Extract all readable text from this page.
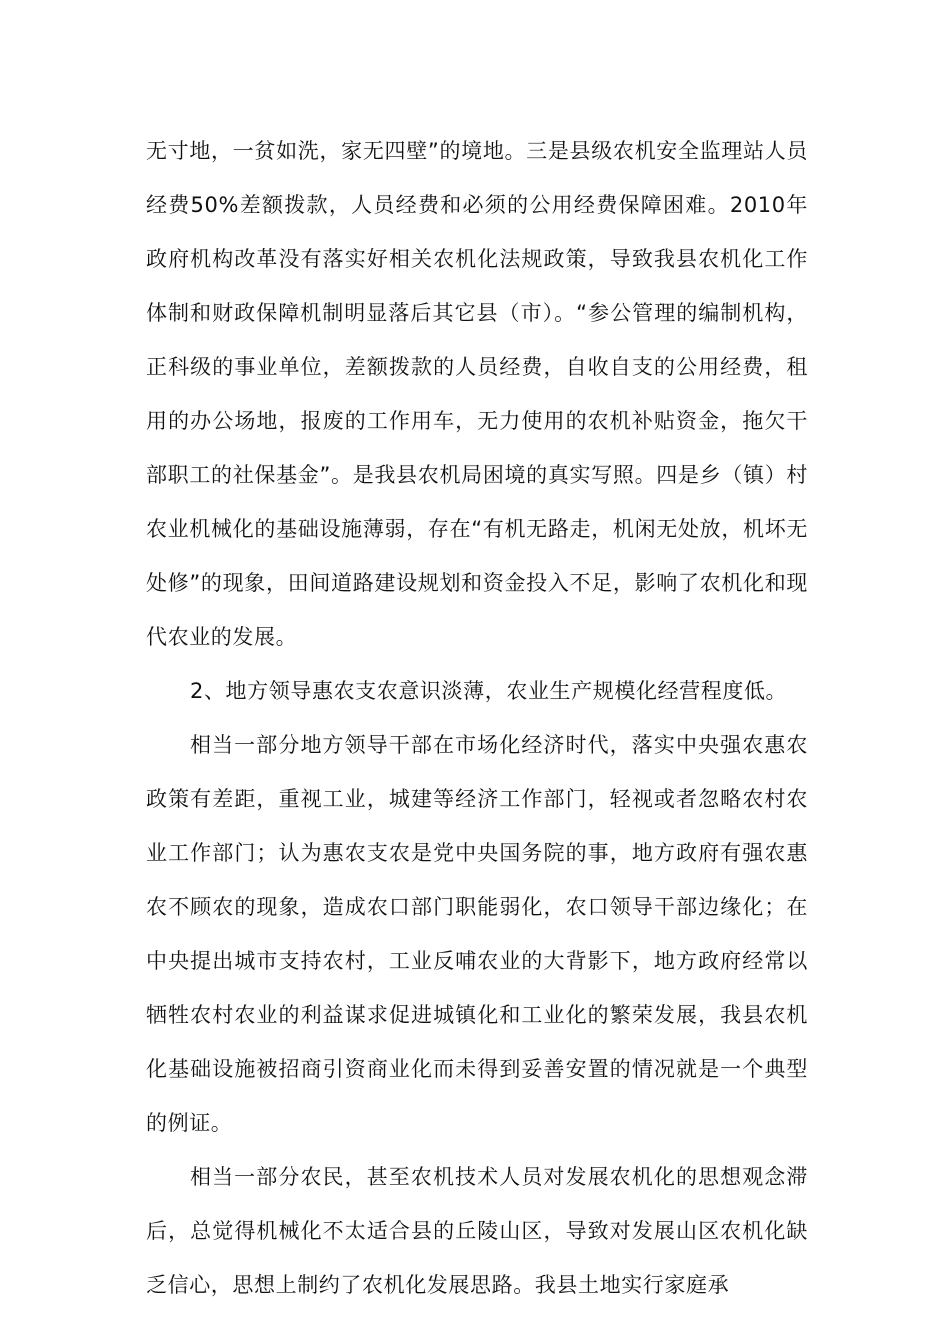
无寸地，一贫如洗，家无四壁”的境地。三是县级农机安全监理站人员经费50%差额拨款，人员经费和必须的公用经费保障困难。2010年政府机构改革没有落实好相关农机化法规政策，导致我县农机化工作体制和财政保障机制明显落后其它县（市）。“参公管理的编制机构，正科级的事业单位，差额拨款的人员经费，自收自支的公用经费，租用的办公场地，报废的工作用车，无力使用的农机补贴资金，拖欠干部职工的社保基金”。是我县农机局困境的真实写照。四是乡（镇）村农业机械化的基础设施薄弱，存在“有机无路走，机闲无处放，机坏无处修”的现象，田间道路建设规划和资金投入不足，影响了农机化和现代农业的发展。

2、地方领导惠农支农意识淡薄，农业生产规模化经营程度低。

相当一部分地方领导干部在市场化经济时代，落实中央强农惠农政策有差距，重视工业，城建等经济工作部门，轻视或者忽略农村农业工作部门；认为惠农支农是党中央国务院的事，地方政府有强农惠农不顾农的现象，造成农口部门职能弱化，农口领导干部边缘化；在中央提出城市支持农村，工业反哺农业的大背影下，地方政府经常以牺牲农村农业的利益谋求促进城镇化和工业化的繁荣发展，我县农机化基础设施被招商引资商业化而未得到妥善安置的情况就是一个典型的例证。

相当一部分农民，甚至农机技术人员对发展农机化的思想观念滞后，总觉得机械化不太适合县的丘陵山区，导致对发展山区农机化缺乏信心，思想上制约了农机化发展思路。我县土地实行家庭承
